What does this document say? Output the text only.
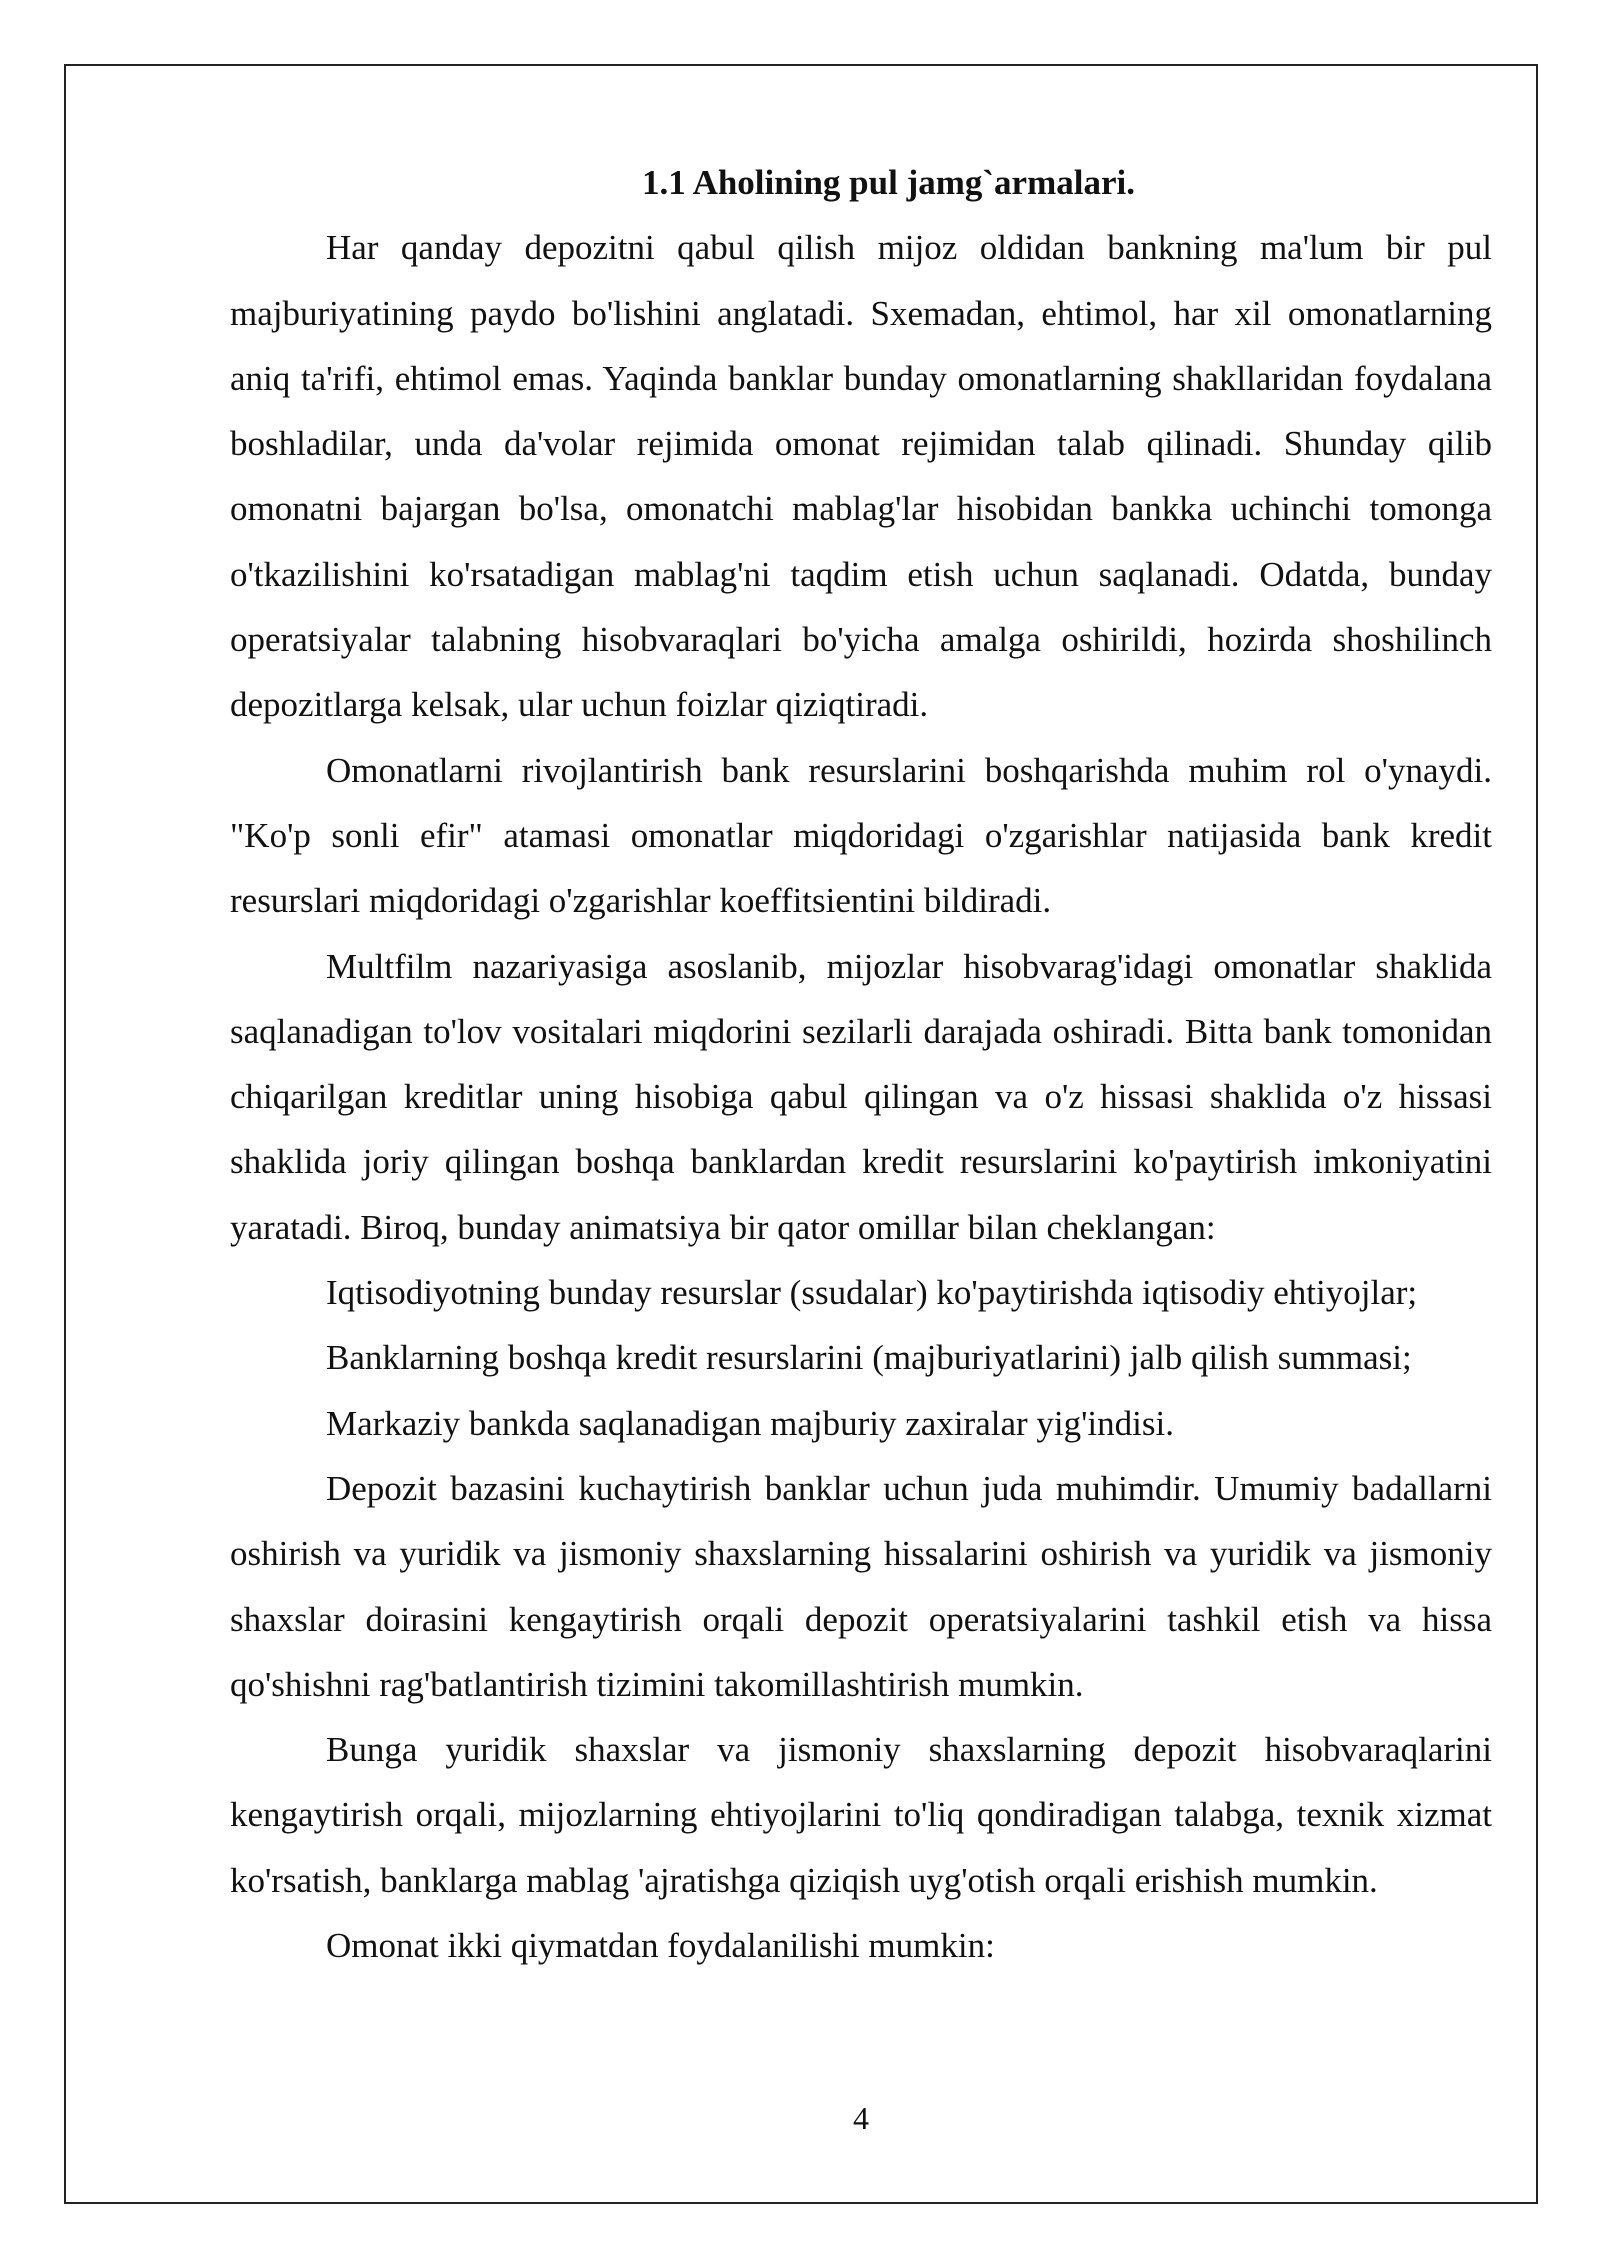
1.1 Aholining pul jamg`armalari.

Har qanday depozitni qabul qilish mijoz oldidan bankning ma'lum bir pul majburiyatining paydo bo'lishini anglatadi. Sxemadan, ehtimol, har xil omonatlarning aniq ta'rifi, ehtimol emas. Yaqinda banklar bunday omonatlarning shakllaridan foydalana boshladilar, unda da'volar rejimida omonat rejimidan talab qilinadi. Shunday qilib omonatni bajargan bo'lsa, omonatchi mablag'lar hisobidan bankka uchinchi tomonga o'tkazilishini ko'rsatadigan mablag'ni taqdim etish uchun saqlanadi. Odatda, bunday operatsiyalar talabning hisobvaraqlari bo'yicha amalga oshirildi, hozirda shoshilinch depozitlarga kelsak, ular uchun foizlar qiziqtiradi.

Omonatlarni rivojlantirish bank resurslarini boshqarishda muhim rol o'ynaydi. "Ko'p sonli efir" atamasi omonatlar miqdoridagi o'zgarishlar natijasida bank kredit resurslari miqdoridagi o'zgarishlar koeffitsientini bildiradi.

Multfilm nazariyasiga asoslanib, mijozlar hisobvarag'idagi omonatlar shaklida saqlanadigan to'lov vositalari miqdorini sezilarli darajada oshiradi. Bitta bank tomonidan chiqarilgan kreditlar uning hisobiga qabul qilingan va o'z hissasi shaklida o'z hissasi shaklida joriy qilingan boshqa banklardan kredit resurslarini ko'paytirish imkoniyatini yaratadi. Biroq, bunday animatsiya bir qator omillar bilan cheklangan:

Iqtisodiyotning bunday resurslar (ssudalar) ko'paytirishda iqtisodiy ehtiyojlar;

Banklarning boshqa kredit resurslarini (majburiyatlarini) jalb qilish summasi;

Markaziy bankda saqlanadigan majburiy zaxiralar yig'indisi.

Depozit bazasini kuchaytirish banklar uchun juda muhimdir. Umumiy badallarni oshirish va yuridik va jismoniy shaxslarning hissalarini oshirish va yuridik va jismoniy shaxslar doirasini kengaytirish orqali depozit operatsiyalarini tashkil etish va hissa qo'shishni rag'batlantirish tizimini takomillashtirish mumkin.

Bunga yuridik shaxslar va jismoniy shaxslarning depozit hisobvaraqlarini kengaytirish orqali, mijozlarning ehtiyojlarini to'liq qondiradigan talabga, texnik xizmat ko'rsatish, banklarga mablag 'ajratishga qiziqish uyg'otish orqali erishish mumkin.

Omonat ikki qiymatdan foydalanilishi mumkin:

4
